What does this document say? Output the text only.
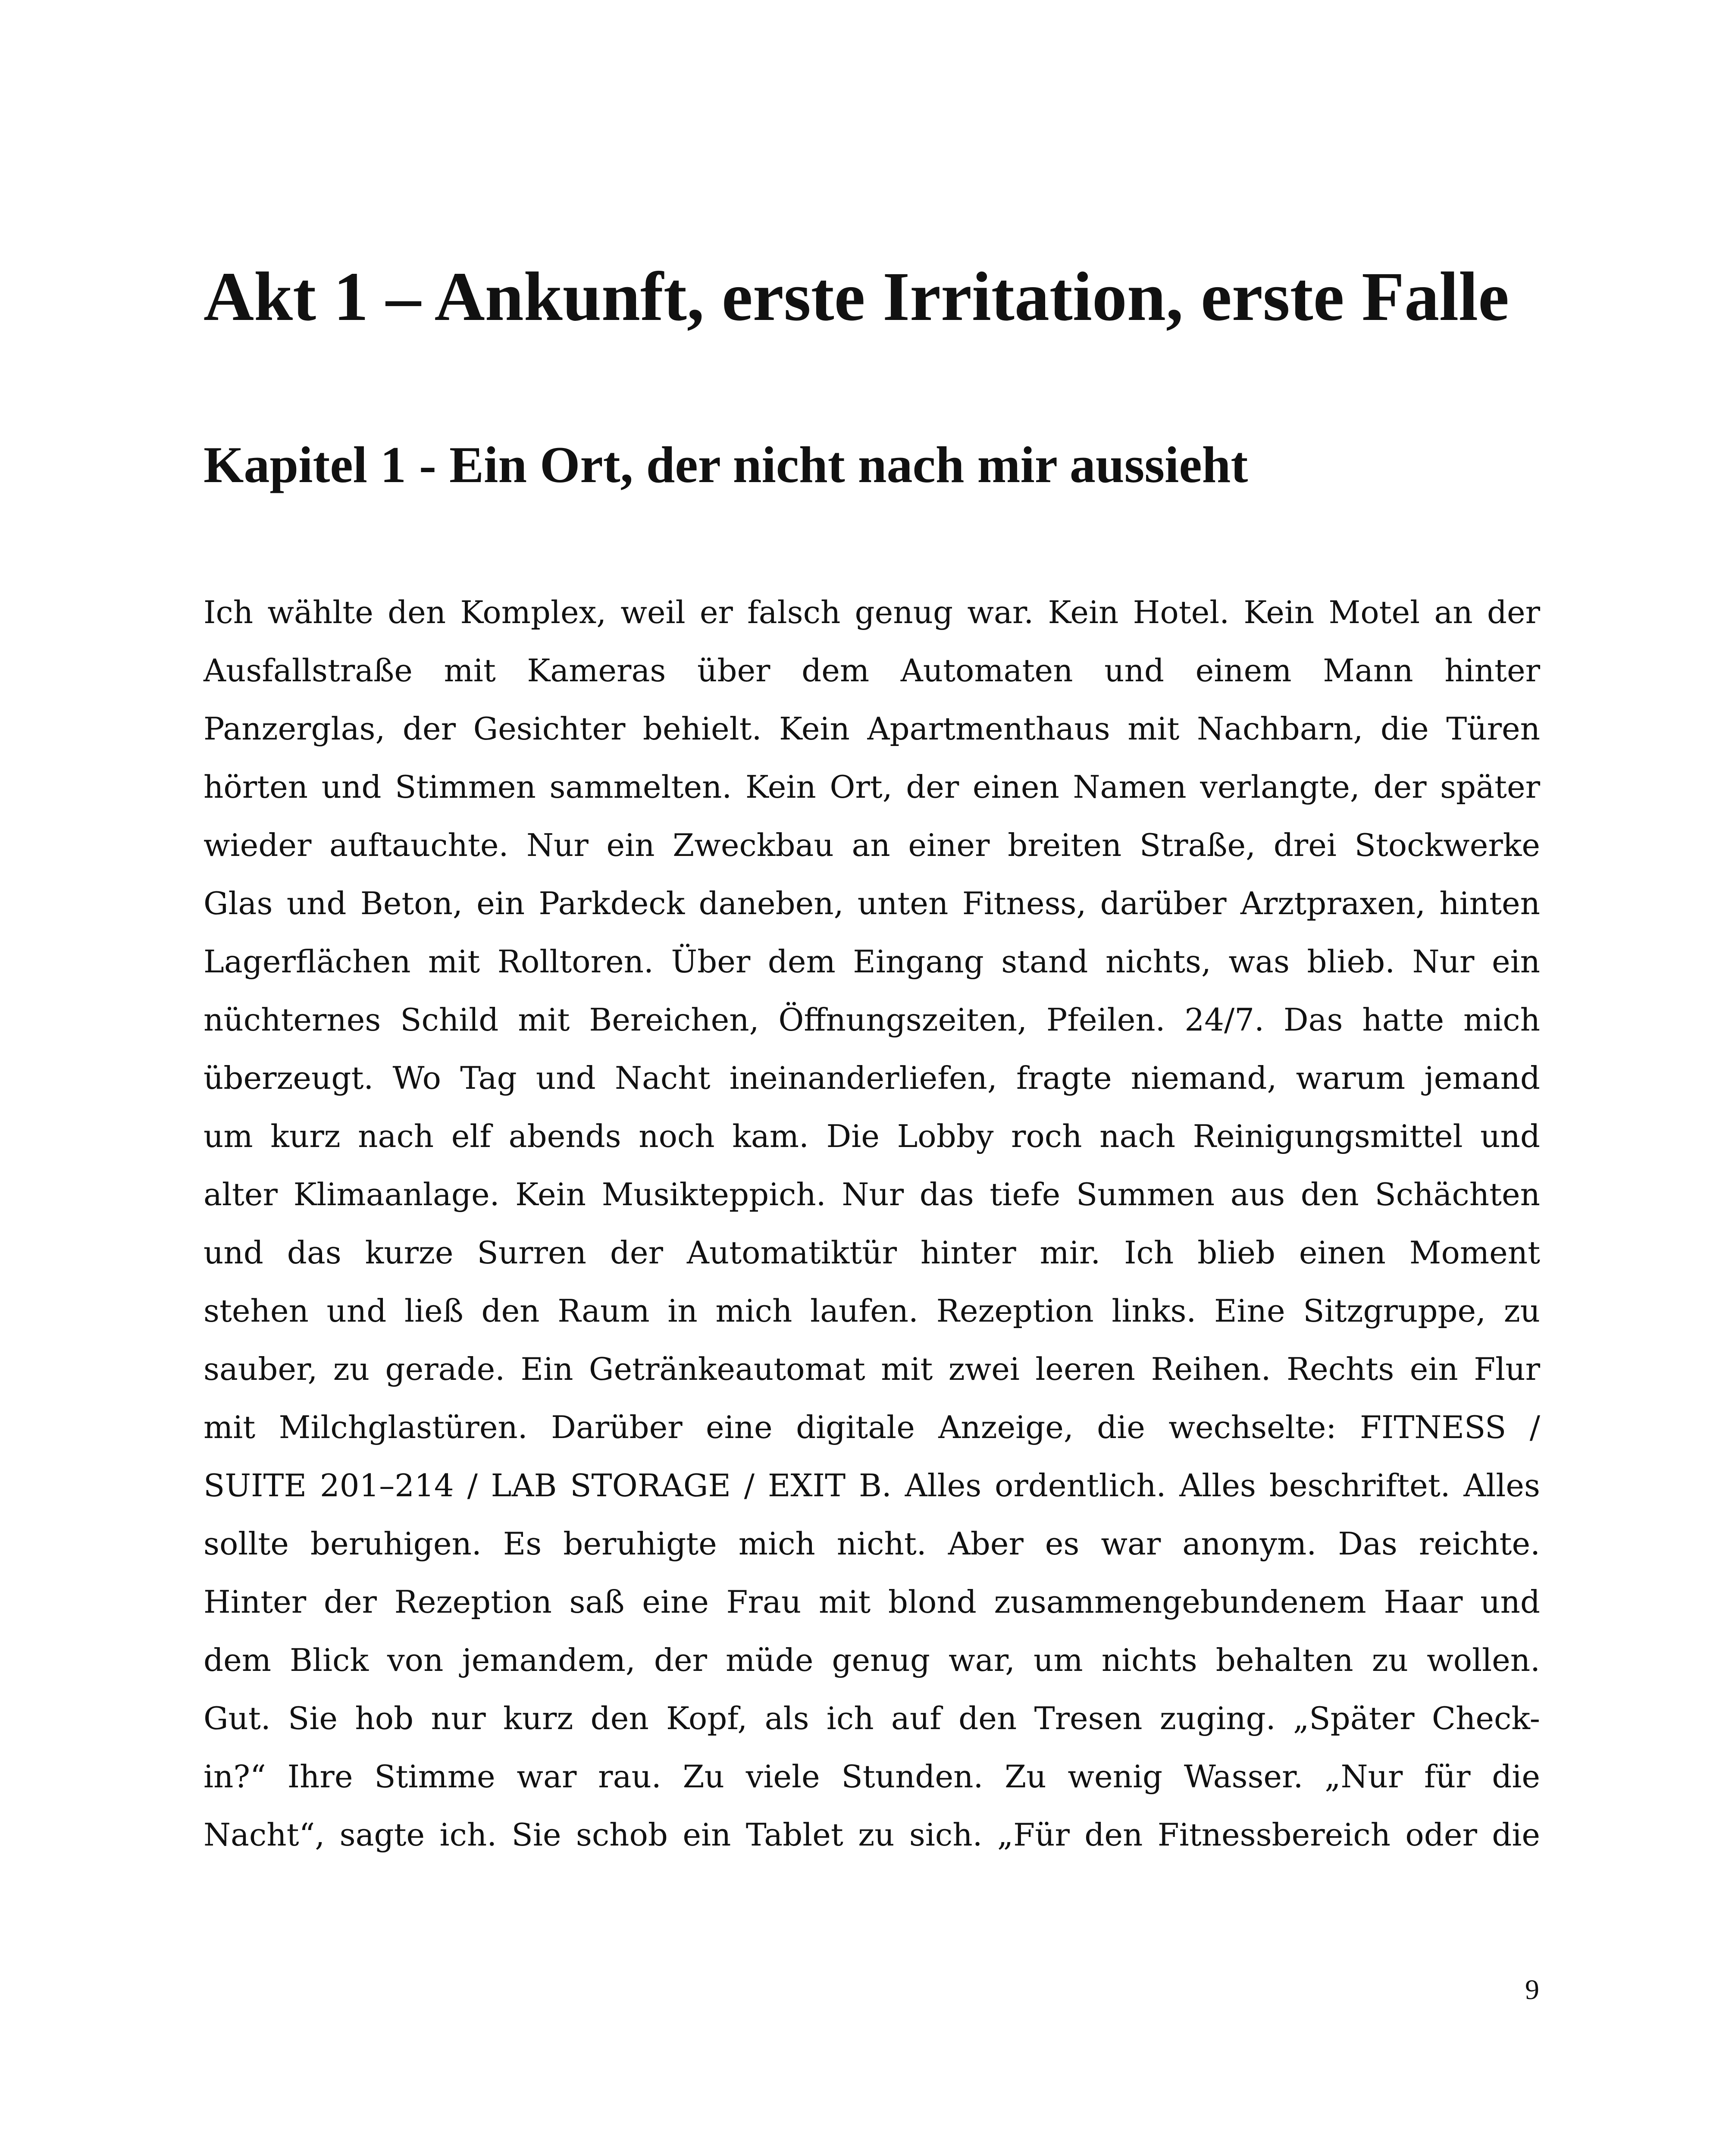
Akt 1 – Ankunft, erste Irritation, erste Falle
Kapitel 1 - Ein Ort, der nicht nach mir aussieht
Ich wählte den Komplex, weil er falsch genug war. Kein Hotel. Kein Motel an der
Ausfallstraße mit Kameras über dem Automaten und einem Mann hinter
Panzerglas, der Gesichter behielt. Kein Apartmenthaus mit Nachbarn, die Türen
hörten und Stimmen sammelten. Kein Ort, der einen Namen verlangte, der später
wieder auftauchte. Nur ein Zweckbau an einer breiten Straße, drei Stockwerke
Glas und Beton, ein Parkdeck daneben, unten Fitness, darüber Arztpraxen, hinten
Lagerflächen mit Rolltoren. Über dem Eingang stand nichts, was blieb. Nur ein
nüchternes Schild mit Bereichen, Öffnungszeiten, Pfeilen. 24/7. Das hatte mich
überzeugt. Wo Tag und Nacht ineinanderliefen, fragte niemand, warum jemand
um kurz nach elf abends noch kam. Die Lobby roch nach Reinigungsmittel und
alter Klimaanlage. Kein Musikteppich. Nur das tiefe Summen aus den Schächten
und das kurze Surren der Automatiktür hinter mir. Ich blieb einen Moment
stehen und ließ den Raum in mich laufen. Rezeption links. Eine Sitzgruppe, zu
sauber, zu gerade. Ein Getränkeautomat mit zwei leeren Reihen. Rechts ein Flur
mit Milchglastüren. Darüber eine digitale Anzeige, die wechselte: FITNESS /
SUITE 201–214 / LAB STORAGE / EXIT B. Alles ordentlich. Alles beschriftet. Alles
sollte beruhigen. Es beruhigte mich nicht. Aber es war anonym. Das reichte.
Hinter der Rezeption saß eine Frau mit blond zusammengebundenem Haar und
dem Blick von jemandem, der müde genug war, um nichts behalten zu wollen.
Gut. Sie hob nur kurz den Kopf, als ich auf den Tresen zuging. „Später Check-
in?“ Ihre Stimme war rau. Zu viele Stunden. Zu wenig Wasser. „Nur für die
Nacht“, sagte ich. Sie schob ein Tablet zu sich. „Für den Fitnessbereich oder die
9
